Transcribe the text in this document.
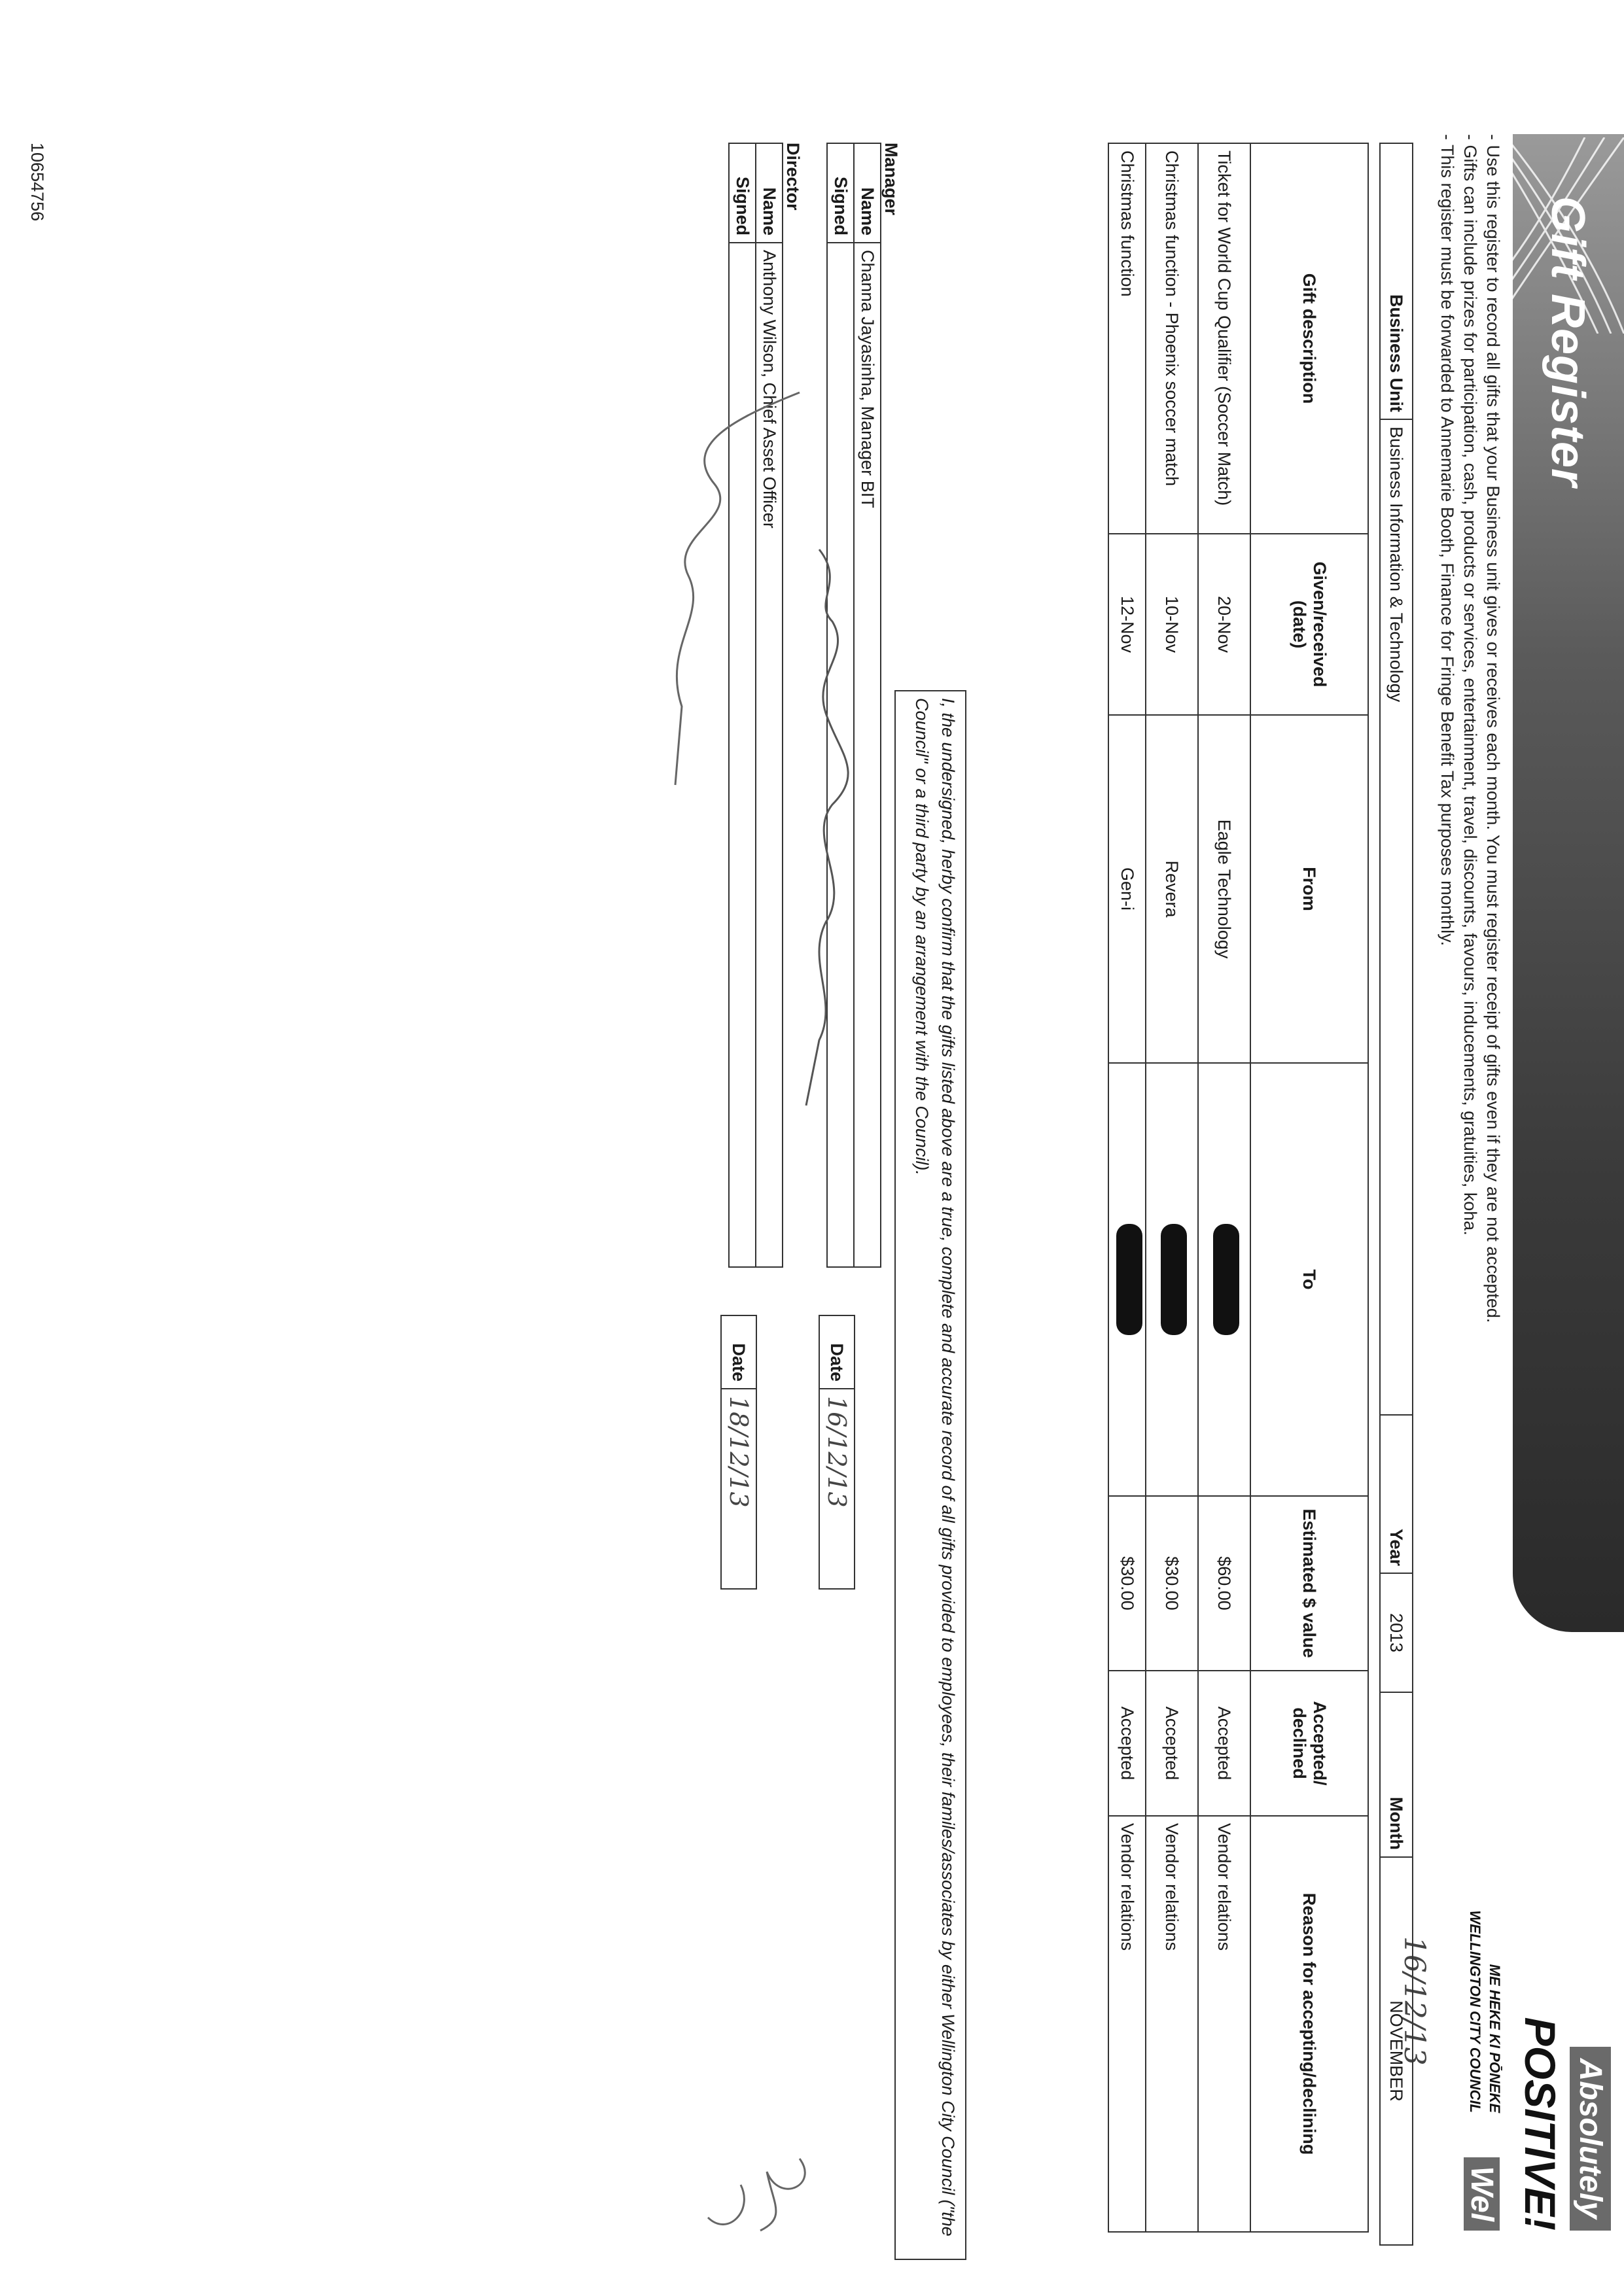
Gift Register
Absolutely
POSITIVE!
ME HEKE KI PŌNEKE
WELLINGTON CITY COUNCIL
Wel
16/12/13
- Use this register to record all gifts that your Business unit gives or receives each month. You must register receipt of gifts even if they are not accepted.
- Gifts can include prizes for participation, cash, products or services, entertainment, travel, discounts, favours, inducements, gratuities, koha.
- This register must be forwarded to Annemarie Booth, Finance for Fringe Benefit Tax purposes monthly.
Business Unit	Business Information & Technology	Year	2013	Month	NOVEMBER
Gift description	Given/received (date)	From	To	Estimated $ value	Accepted/ declined	Reason for accepting/declining
Ticket for World Cup Qualifier (Soccer Match)	20-Nov	Eagle Technology		$60.00	Accepted	Vendor relations
Christmas function - Phoenix soccer match	10-Nov	Revera		$30.00	Accepted	Vendor relations
Christmas function	12-Nov	Gen-i		$30.00	Accepted	Vendor relations
I, the undersigned, herby confirm that the gifts listed above are a true, complete and accurate record of all gifts provided to employees, their familes/associates by either Wellington City Council ("the Council" or a third party by an arrangement with the Council).
Manager
Name	Channa Jayasinha, Manager BIT
Signed	
Date	16/12/13
Director
Name	Anthony Wilson, Chief Asset Officer
Signed	
Date	18/12/13
10654756
